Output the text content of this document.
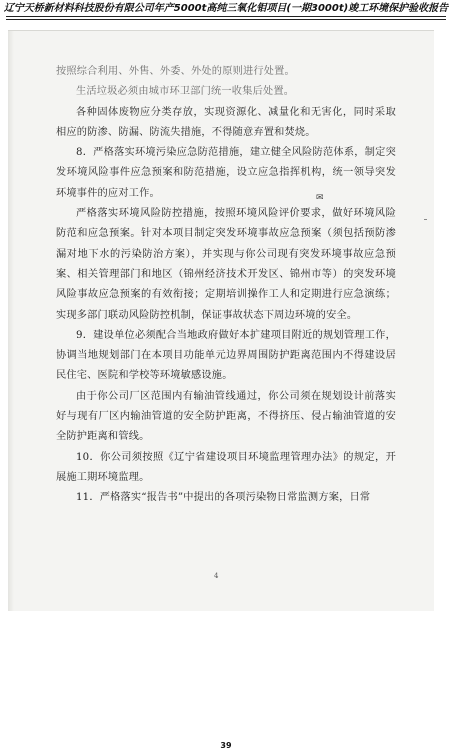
辽宁天桥新材料科技股份有限公司年产5000t高纯三氧化钼项目(一期3000t)竣工环境保护验收报告
✉

按照综合利用、外售、外委、外处的原则进行处置。

生活垃圾必须由城市环卫部门统一收集后处置。

各种固体废物应分类存放，实现资源化、减量化和无害化，同时采取相应的防渗、防漏、防流失措施，不得随意弃置和焚烧。

8．严格落实环境污染应急防范措施，建立健全风险防范体系，制定突发环境风险事件应急预案和防范措施，设立应急指挥机构，统一领导突发环境事件的应对工作。

严格落实环境风险防控措施，按照环境风险评价要求，做好环境风险防范和应急预案。针对本项目制定突发环境事故应急预案（须包括预防渗漏对地下水的污染防治方案），并实现与你公司现有突发环境事故应急预案、相关管理部门和地区（锦州经济技术开发区、锦州市等）的突发环境风险事故应急预案的有效衔接；定期培训操作工人和定期进行应急演练；实现多部门联动风险防控机制，保证事故状态下周边环境的安全。

9．建设单位必须配合当地政府做好本扩建项目附近的规划管理工作，协调当地规划部门在本项目功能单元边界周围防护距离范围内不得建设居民住宅、医院和学校等环境敏感设施。

由于你公司厂区范围内有输油管线通过，你公司须在规划设计前落实好与现有厂区内输油管道的安全防护距离，不得挤压、侵占输油管道的安全防护距离和管线。

10．你公司须按照《辽宁省建设项目环境监理管理办法》的规定，开展施工期环境监理。

11．严格落实“报告书”中提出的各项污染物日常监测方案，日常

4
39
